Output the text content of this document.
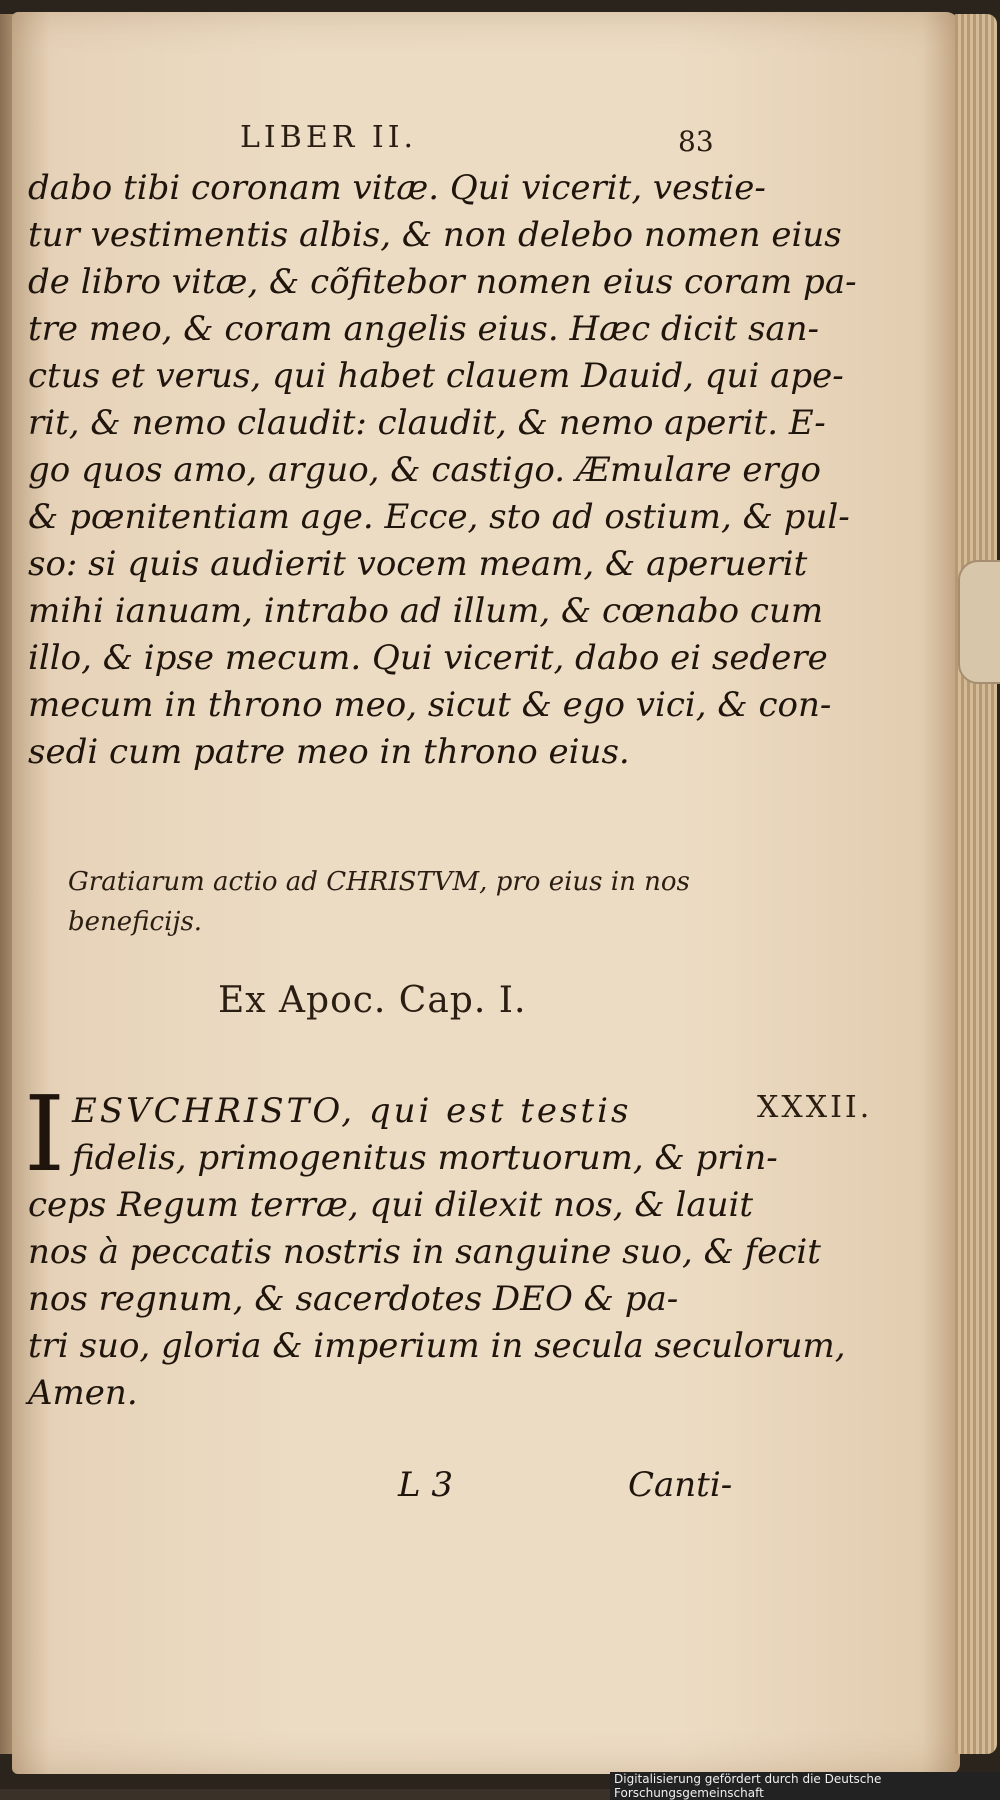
LIBER II.	83
dabo tibi coronam vitæ. Qui vicerit, vestie-
tur vestimentis albis, & non delebo nomen eius
de libro vitæ, & cõfitebor nomen eius coram pa-
tre meo, & coram angelis eius. Hæc dicit san-
ctus et verus, qui habet clauem Dauid, qui ape-
rit, & nemo claudit: claudit, & nemo aperit. E-
go quos amo, arguo, & castigo. Æmulare ergo
& pœnitentiam age. Ecce, sto ad ostium, & pul-
so: si quis audierit vocem meam, & aperuerit
mihi ianuam, intrabo ad illum, & cœnabo cum
illo, & ipse mecum. Qui vicerit, dabo ei sedere
mecum in throno meo, sicut & ego vici, & con-
sedi cum patre meo in throno eius.
Gratiarum actio ad CHRISTVM, pro eius in nos beneficijs.
Ex Apoc. Cap. I.
I ESVCHRISTO, qui est testis
fidelis, primogenitus mortuorum, & prin-
ceps Regum terræ, qui dilexit nos, & lauit
nos à peccatis nostris in sanguine suo, & fecit
nos regnum, & sacerdotes DEO & pa-
tri suo, gloria & imperium in secula seculorum,
Amen.
XXXII.
L 3	Canti-
Digitalisierung gefördert durch die Deutsche Forschungsgemeinschaft
